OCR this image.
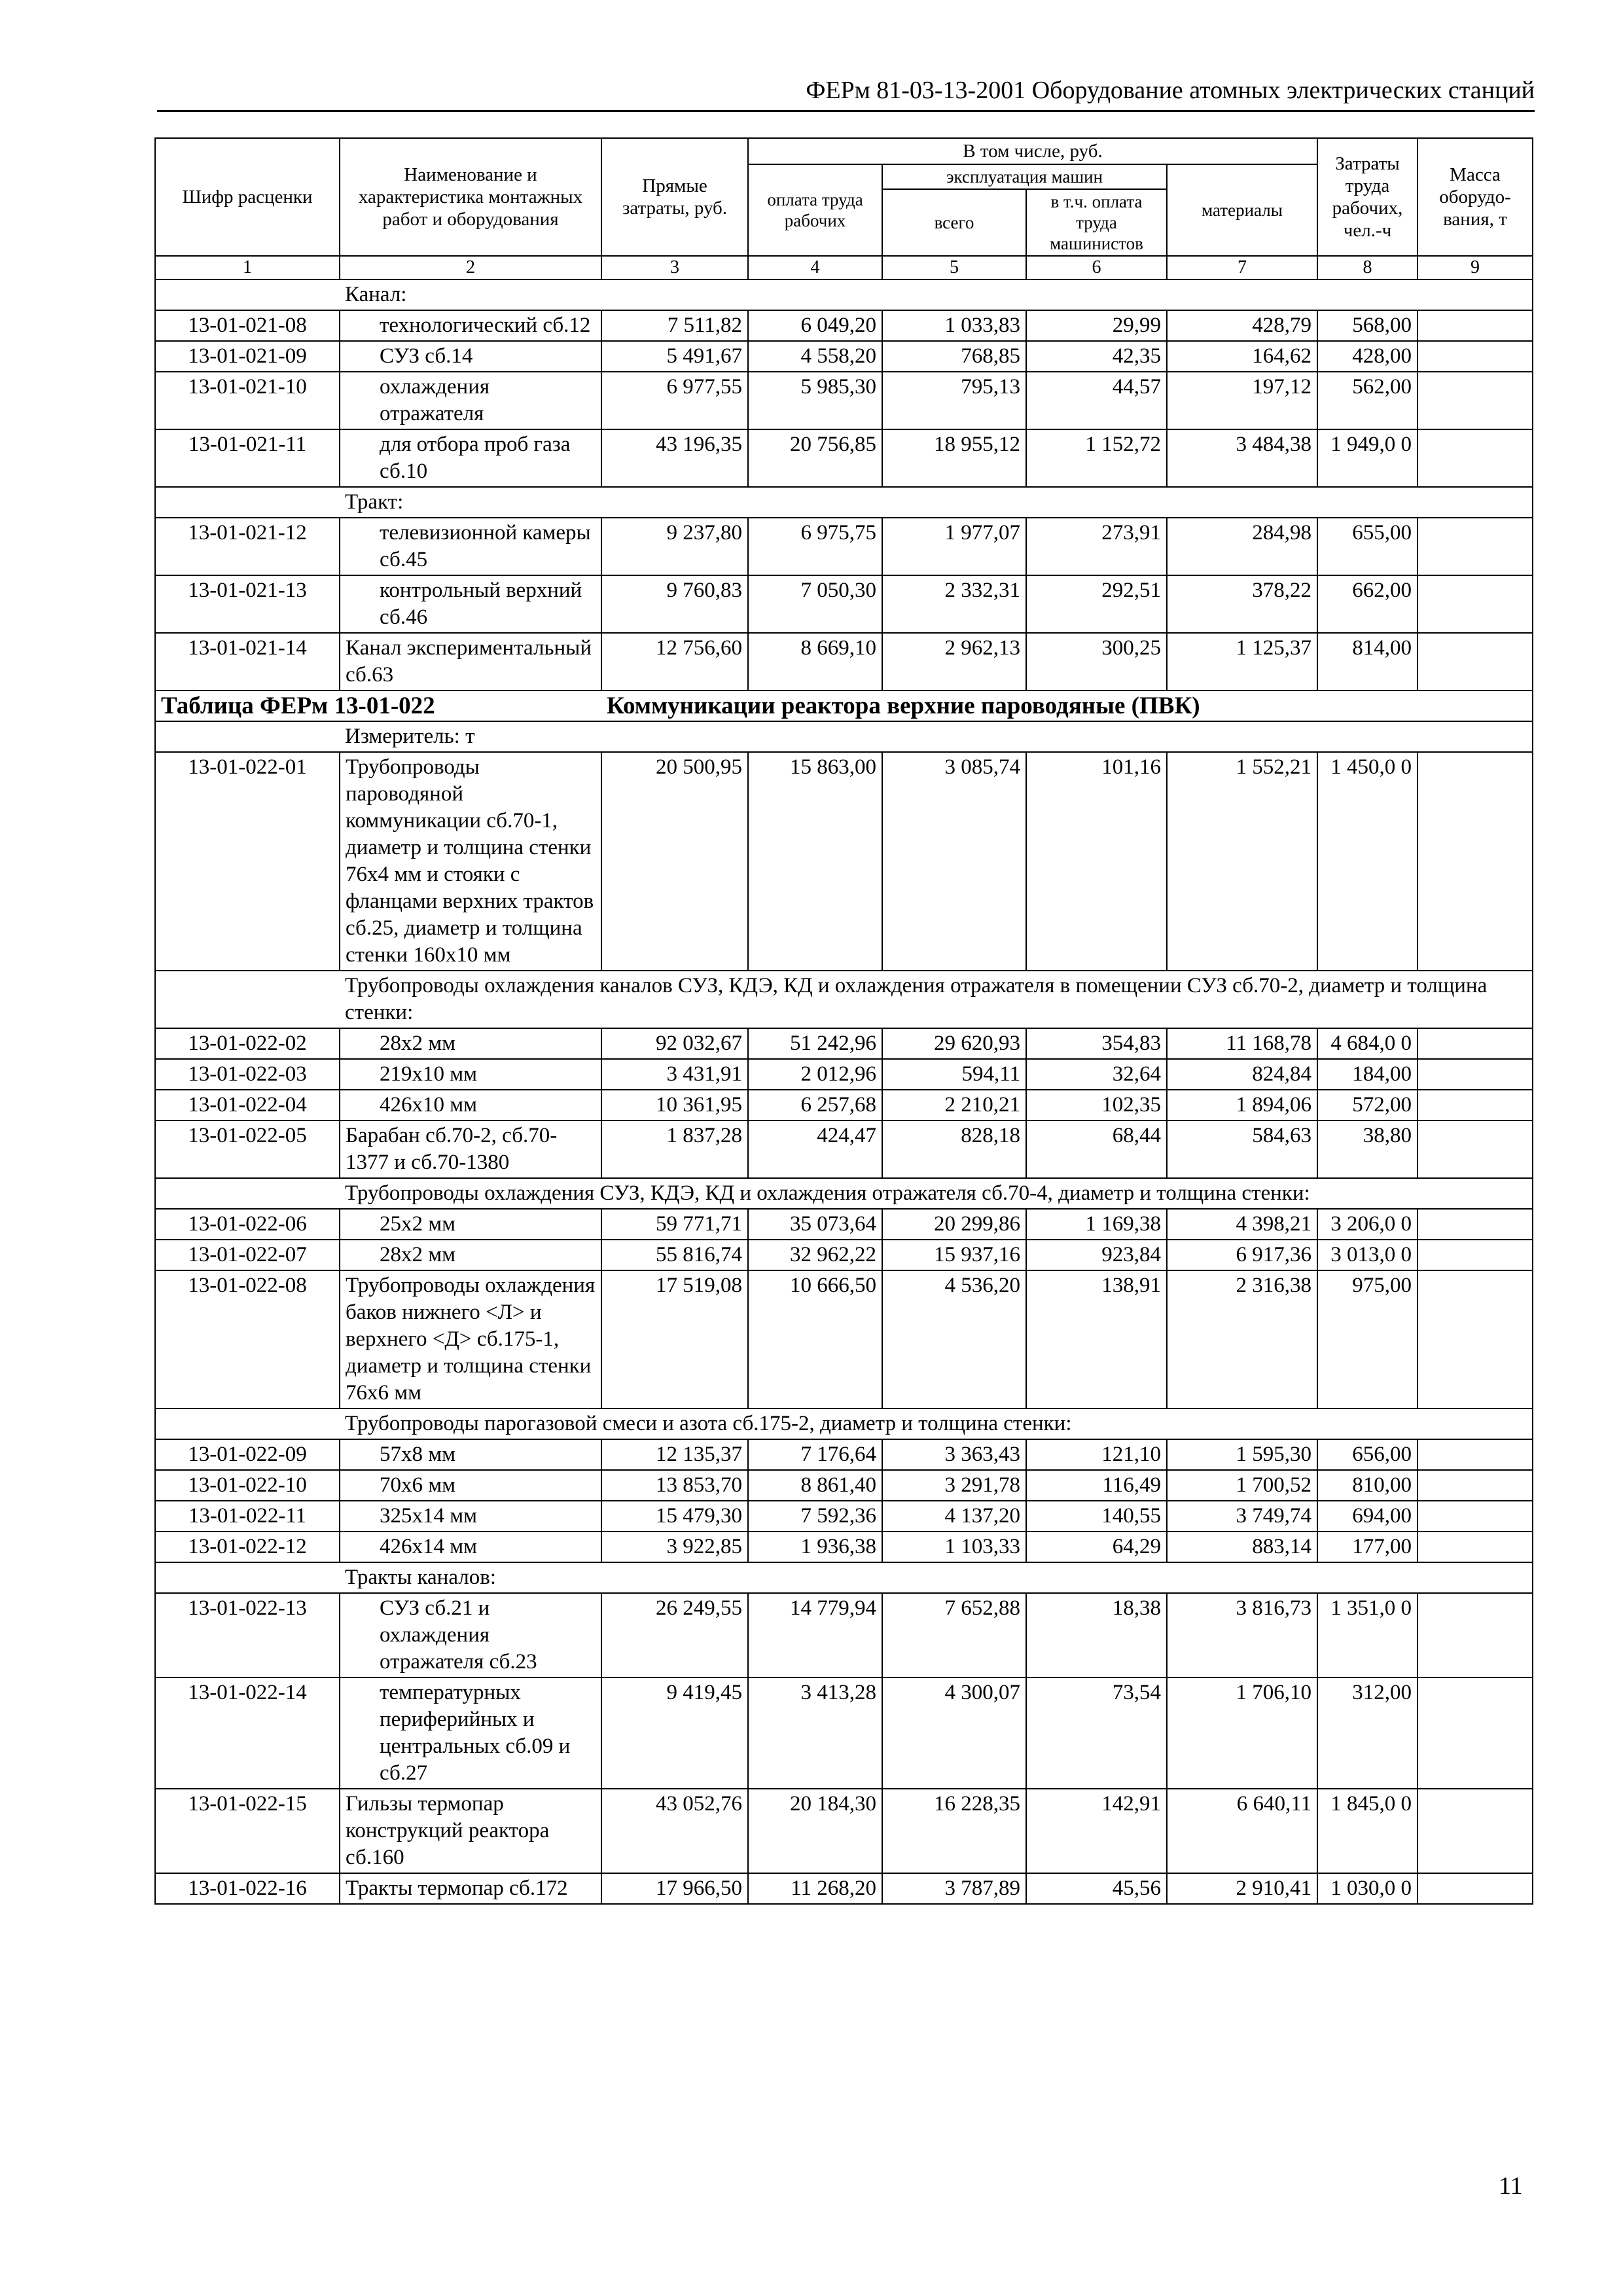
ФЕРм 81-03-13-2001 Оборудование атомных электрических станций
Шифр расценки	Наименование и характеристика монтажных работ и оборудования	Прямые затраты, руб.	В том числе, руб.				Затраты труда рабочих, чел.-ч	Масса оборудо-вания, т
			оплата труда рабочих	эксплуатация машин		материалы		
				всего	в т.ч. оплата труда машинистов			
1	2	3	4	5	6	7	8	9
	Канал:							
13-01-021-08	технологический сб.12	7 511,82	6 049,20	1 033,83	29,99	428,79	568,00	
13-01-021-09	СУЗ сб.14	5 491,67	4 558,20	768,85	42,35	164,62	428,00	
13-01-021-10	охлаждения отражателя	6 977,55	5 985,30	795,13	44,57	197,12	562,00	
13-01-021-11	для отбора проб газа сб.10	43 196,35	20 756,85	18 955,12	1 152,72	3 484,38	1 949,0 0	
	Тракт:							
13-01-021-12	телевизионной камеры сб.45	9 237,80	6 975,75	1 977,07	273,91	284,98	655,00	
13-01-021-13	контрольный верхний сб.46	9 760,83	7 050,30	2 332,31	292,51	378,22	662,00	
13-01-021-14	Канал экспериментальный сб.63	12 756,60	8 669,10	2 962,13	300,25	1 125,37	814,00	
Таблица ФЕРм 13-01-022		Коммуникации реактора верхние пароводяные (ПВК)						
	Измеритель: т							
13-01-022-01	Трубопроводы пароводяной коммуникации сб.70-1, диаметр и толщина стенки 76х4 мм и стояки с фланцами верхних трактов сб.25, диаметр и толщина стенки 160х10 мм	20 500,95	15 863,00	3 085,74	101,16	1 552,21	1 450,0 0	
	Трубопроводы охлаждения каналов СУЗ, КДЭ, КД и охлаждения отражателя в помещении СУЗ сб.70-2, диаметр и толщина стенки:							
13-01-022-02	28х2 мм	92 032,67	51 242,96	29 620,93	354,83	11 168,78	4 684,0 0	
13-01-022-03	219х10 мм	3 431,91	2 012,96	594,11	32,64	824,84	184,00	
13-01-022-04	426х10 мм	10 361,95	6 257,68	2 210,21	102,35	1 894,06	572,00	
13-01-022-05	Барабан сб.70-2, сб.70-1377 и сб.70-1380	1 837,28	424,47	828,18	68,44	584,63	38,80	
	Трубопроводы охлаждения СУЗ, КДЭ, КД и охлаждения отражателя сб.70-4, диаметр и толщина стенки:							
13-01-022-06	25х2 мм	59 771,71	35 073,64	20 299,86	1 169,38	4 398,21	3 206,0 0	
13-01-022-07	28х2 мм	55 816,74	32 962,22	15 937,16	923,84	6 917,36	3 013,0 0	
13-01-022-08	Трубопроводы охлаждения баков нижнего <Л> и верхнего <Д> сб.175-1, диаметр и толщина стенки 76х6 мм	17 519,08	10 666,50	4 536,20	138,91	2 316,38	975,00	
	Трубопроводы парогазовой смеси и азота сб.175-2, диаметр и толщина стенки:							
13-01-022-09	57х8 мм	12 135,37	7 176,64	3 363,43	121,10	1 595,30	656,00	
13-01-022-10	70х6 мм	13 853,70	8 861,40	3 291,78	116,49	1 700,52	810,00	
13-01-022-11	325х14 мм	15 479,30	7 592,36	4 137,20	140,55	3 749,74	694,00	
13-01-022-12	426х14 мм	3 922,85	1 936,38	1 103,33	64,29	883,14	177,00	
	Тракты каналов:							
13-01-022-13	СУЗ сб.21 и охлаждения отражателя сб.23	26 249,55	14 779,94	7 652,88	18,38	3 816,73	1 351,0 0	
13-01-022-14	температурных периферийных и центральных сб.09 и сб.27	9 419,45	3 413,28	4 300,07	73,54	1 706,10	312,00	
13-01-022-15	Гильзы термопар конструкций реактора сб.160	43 052,76	20 184,30	16 228,35	142,91	6 640,11	1 845,0 0	
13-01-022-16	Тракты термопар сб.172	17 966,50	11 268,20	3 787,89	45,56	2 910,41	1 030,0 0	
11
